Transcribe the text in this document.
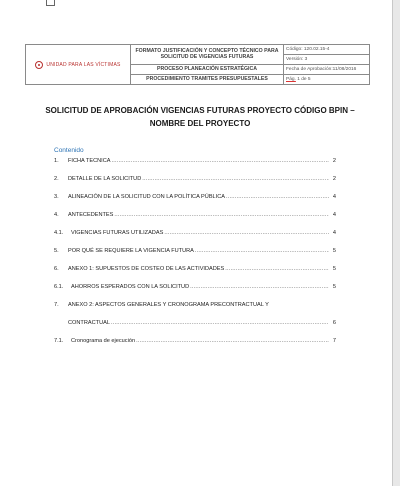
UNIDAD PARA LAS VÍCTIMAS	FORMATO JUSTIFICACIÓN Y CONCEPTO TÉCNICO PARA SOLICITUD DE VIGENCIAS FUTURAS	Código: 120.02.15-4
		Versión: 3
	PROCESO PLANEACIÓN ESTRATÉGICA	Fecha de Aprobación:11/08/2016
	PROCEDIMIENTO TRAMITES PRESUPUESTALES	Pág. 1 de 5
SOLICITUD DE APROBACIÓN VIGENCIAS FUTURAS PROYECTO CÓDIGO BPIN –NOMBRE DEL PROYECTO
Contenido
1.	FICHA TECNICA .....	2
2.	DETALLE DE LA SOLICITUD .....	2
3.	ALINEACIÓN DE LA SOLICITUD CON LA POLÍTICA PÚBLICA .....	4
4.	ANTECEDENTES .....	4
4.1.	VIGENCIAS FUTURAS UTILIZADAS .....	4
5.	POR QUÉ SE REQUIERE LA VIGENCIA FUTURA .....	5
6.	ANEXO 1: SUPUESTOS DE COSTEO DE LAS ACTIVIDADES .....	5
6.1.	AHORROS ESPERADOS CON LA SOLICITUD .....	5
7.	ANEXO 2: ASPECTOS GENERALES Y CRONOGRAMA PRECONTRACTUAL Y
CONTRACTUAL .....	6
7.1.	Cronograma de ejecución .....	7
